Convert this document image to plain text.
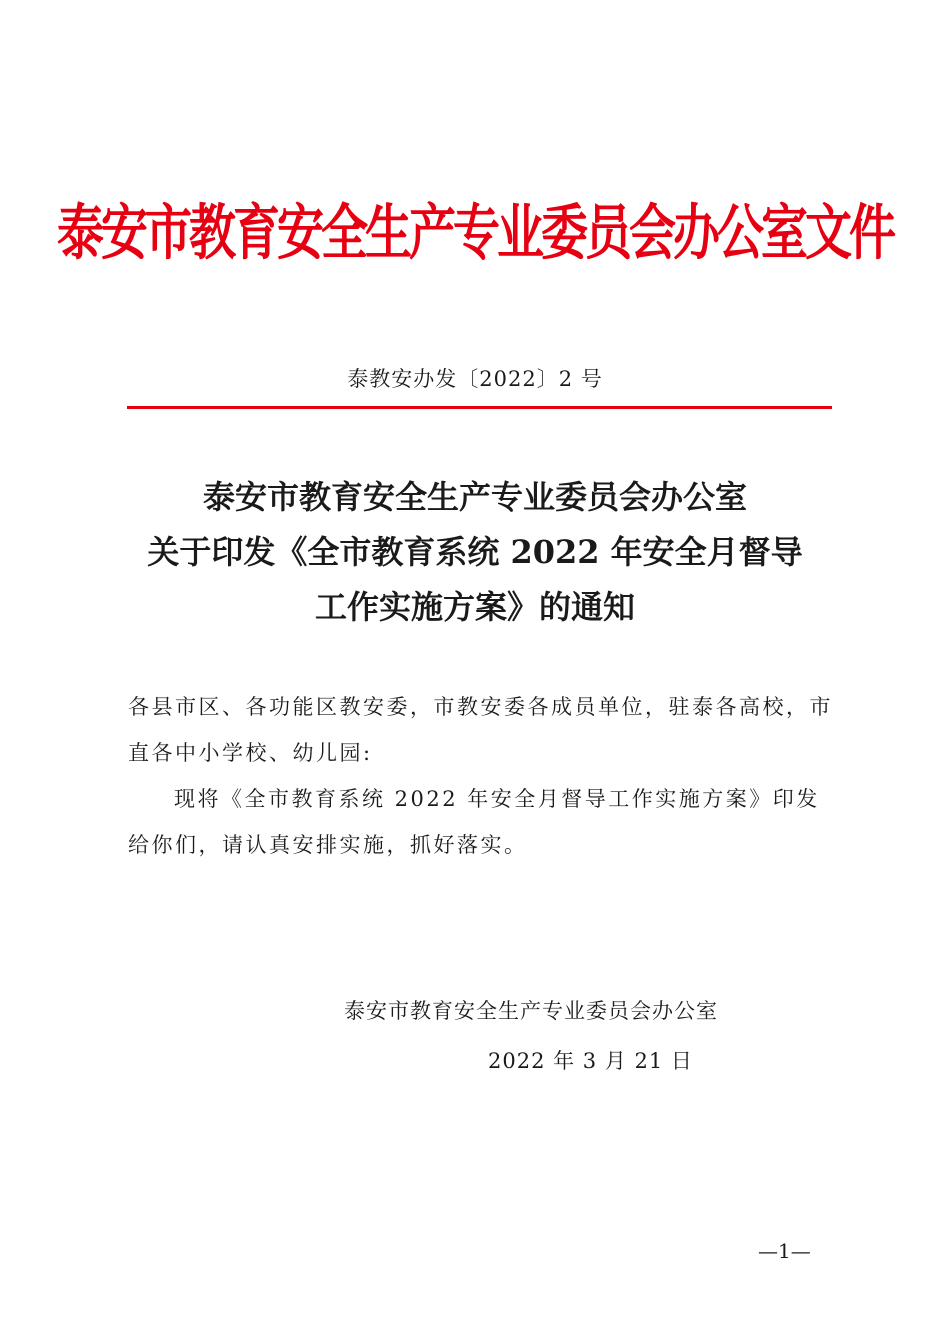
泰安市教育安全生产专业委员会办公室文件
泰教安办发〔2022〕2 号
泰安市教育安全生产专业委员会办公室
关于印发《全市教育系统 2022 年安全月督导
工作实施方案》的通知

各县市区、各功能区教安委，市教安委各成员单位，驻泰各高校，市直各中小学校、幼儿园:

现将《全市教育系统 2022 年安全月督导工作实施方案》印发给你们，请认真安排实施，抓好落实。

泰安市教育安全生产专业委员会办公室
2022 年 3 月 21 日
—1—
